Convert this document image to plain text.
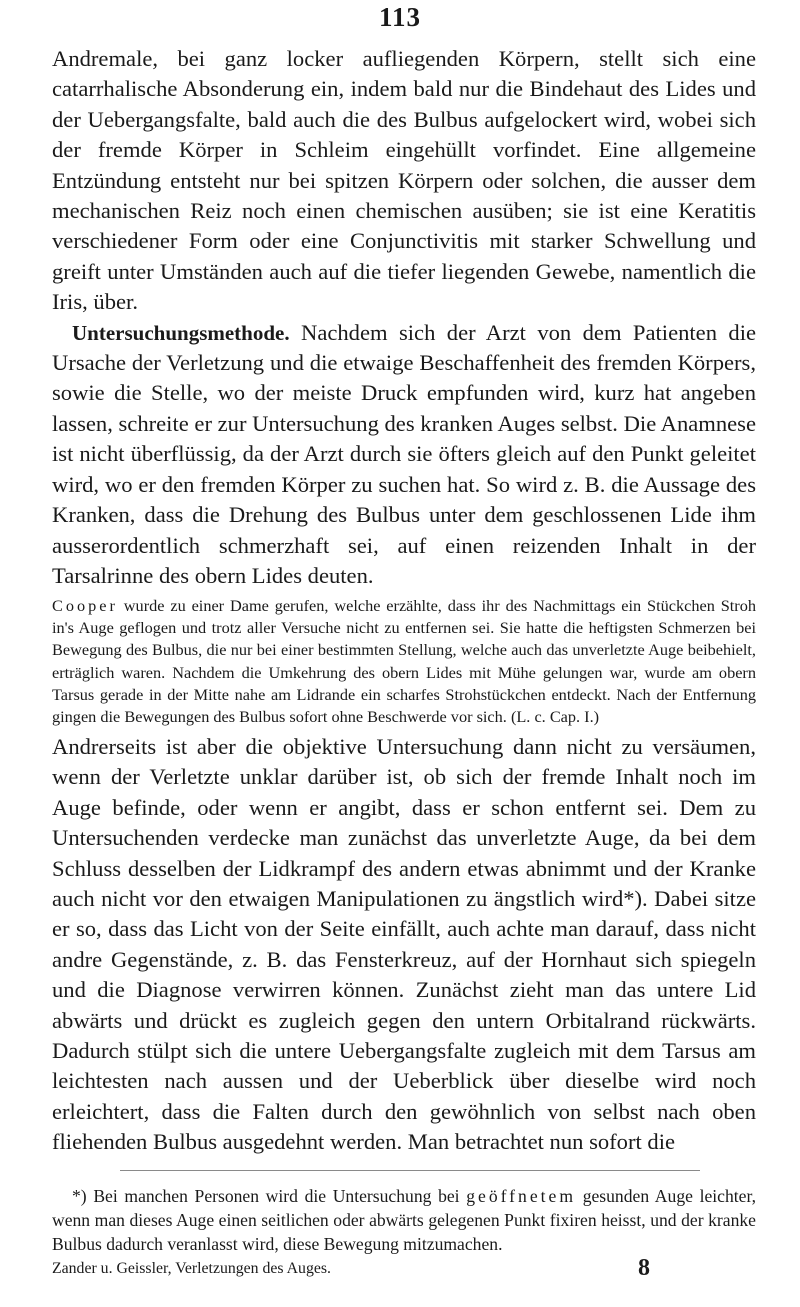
113

Andremale, bei ganz locker aufliegenden Körpern, stellt sich eine catarrhalische Absonderung ein, indem bald nur die Bindehaut des Lides und der Uebergangsfalte, bald auch die des Bulbus aufgelockert wird, wobei sich der fremde Körper in Schleim eingehüllt vorfindet. Eine allgemeine Entzündung entsteht nur bei spitzen Körpern oder solchen, die ausser dem mechanischen Reiz noch einen chemischen ausüben; sie ist eine Keratitis verschiedener Form oder eine Conjunctivitis mit starker Schwellung und greift unter Umständen auch auf die tiefer liegenden Gewebe, namentlich die Iris, über.

Untersuchungsmethode. Nachdem sich der Arzt von dem Patienten die Ursache der Verletzung und die etwaige Beschaffenheit des fremden Körpers, sowie die Stelle, wo der meiste Druck empfunden wird, kurz hat angeben lassen, schreite er zur Untersuchung des kranken Auges selbst. Die Anamnese ist nicht überflüssig, da der Arzt durch sie öfters gleich auf den Punkt geleitet wird, wo er den fremden Körper zu suchen hat. So wird z. B. die Aussage des Kranken, dass die Drehung des Bulbus unter dem geschlossenen Lide ihm ausserordentlich schmerzhaft sei, auf einen reizenden Inhalt in der Tarsalrinne des obern Lides deuten.

Cooper wurde zu einer Dame gerufen, welche erzählte, dass ihr des Nachmittags ein Stückchen Stroh in's Auge geflogen und trotz aller Versuche nicht zu entfernen sei. Sie hatte die heftigsten Schmerzen bei Bewegung des Bulbus, die nur bei einer bestimmten Stellung, welche auch das unverletzte Auge beibehielt, erträglich waren. Nachdem die Umkehrung des obern Lides mit Mühe gelungen war, wurde am obern Tarsus gerade in der Mitte nahe am Lidrande ein scharfes Strohstückchen entdeckt. Nach der Entfernung gingen die Bewegungen des Bulbus sofort ohne Beschwerde vor sich. (L. c. Cap. I.)

Andrerseits ist aber die objektive Untersuchung dann nicht zu versäumen, wenn der Verletzte unklar darüber ist, ob sich der fremde Inhalt noch im Auge befinde, oder wenn er angibt, dass er schon entfernt sei. Dem zu Untersuchenden verdecke man zunächst das unverletzte Auge, da bei dem Schluss desselben der Lidkrampf des andern etwas abnimmt und der Kranke auch nicht vor den etwaigen Manipulationen zu ängstlich wird*). Dabei sitze er so, dass das Licht von der Seite einfällt, auch achte man darauf, dass nicht andre Gegenstände, z. B. das Fensterkreuz, auf der Hornhaut sich spiegeln und die Diagnose verwirren können. Zunächst zieht man das untere Lid abwärts und drückt es zugleich gegen den untern Orbitalrand rückwärts. Dadurch stülpt sich die untere Uebergangsfalte zugleich mit dem Tarsus am leichtesten nach aussen und der Ueberblick über dieselbe wird noch erleichtert, dass die Falten durch den gewöhnlich von selbst nach oben fliehenden Bulbus ausgedehnt werden. Man betrachtet nun sofort die

*) Bei manchen Personen wird die Untersuchung bei geöffnetem gesunden Auge leichter, wenn man dieses Auge einen seitlichen oder abwärts gelegenen Punkt fixiren heisst, und der kranke Bulbus dadurch veranlasst wird, diese Bewegung mitzumachen.

Zander u. Geissler, Verletzungen des Auges.	8
